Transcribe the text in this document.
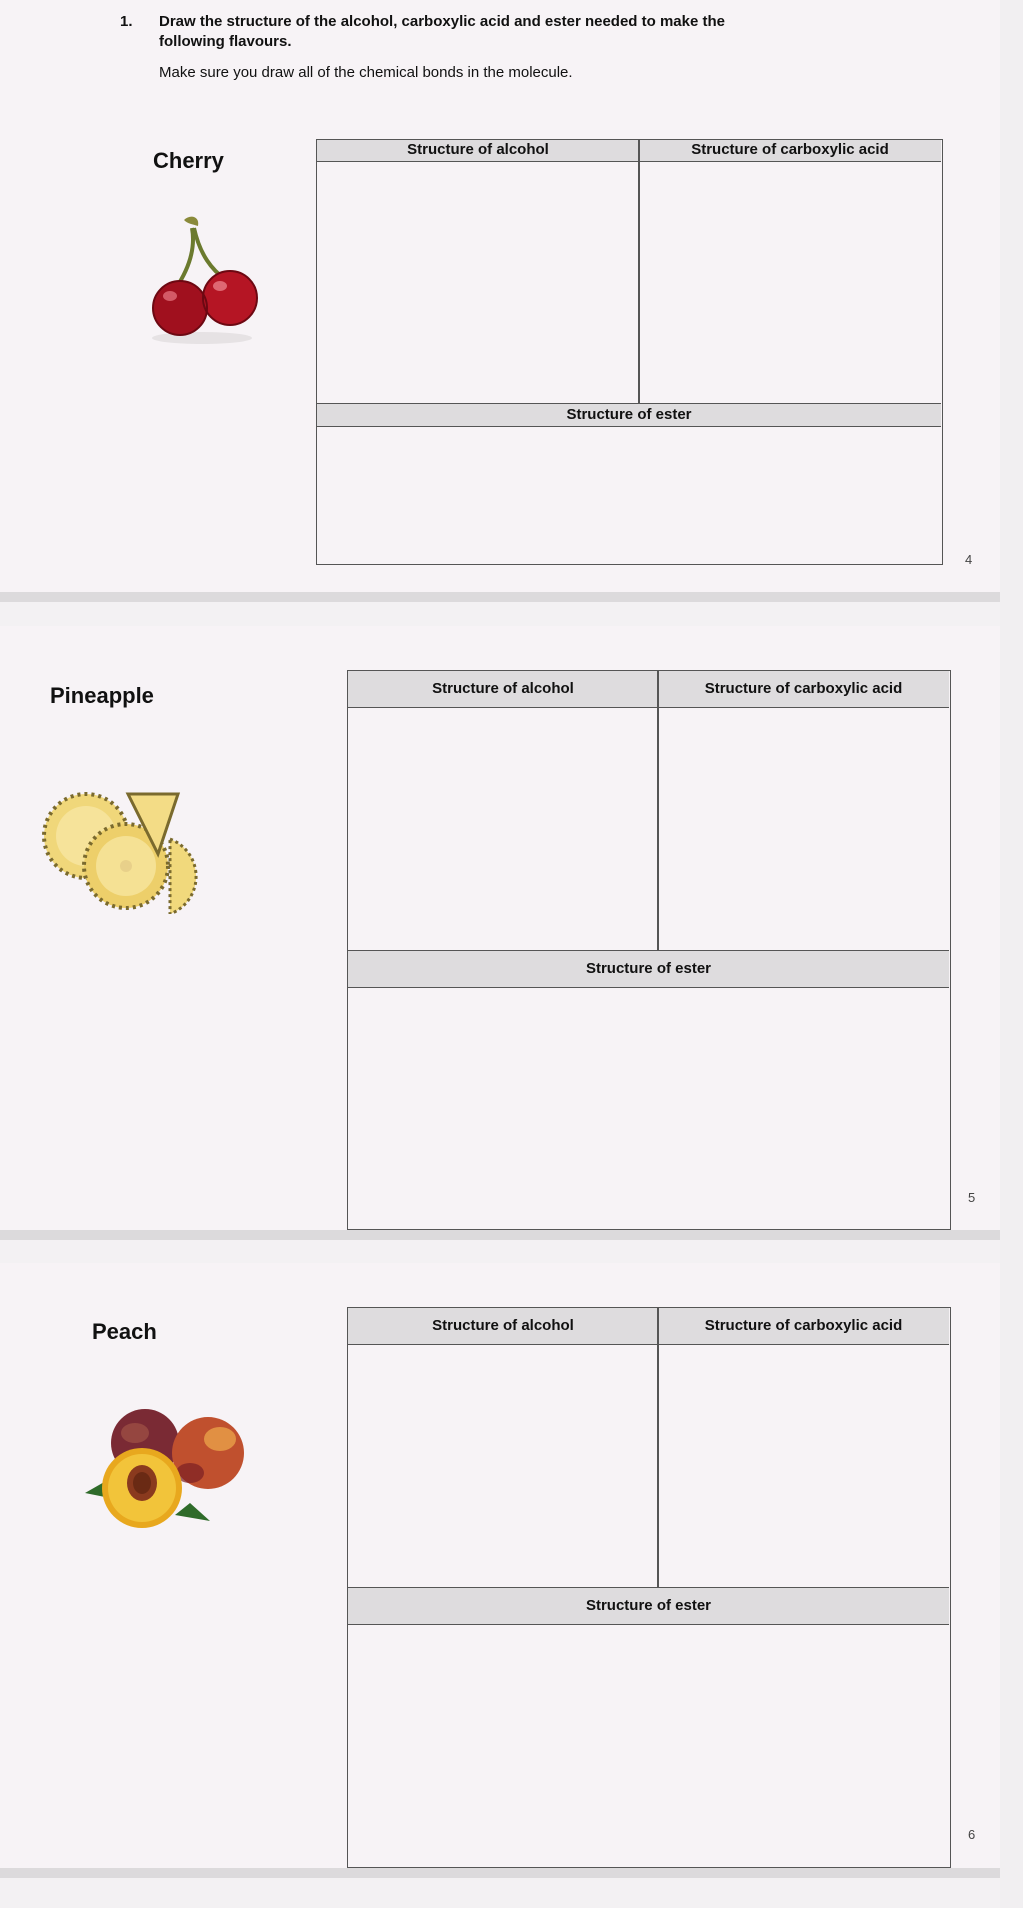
1. Draw the structure of the alcohol, carboxylic acid and ester needed to make the
following flavours.
Make sure you draw all of the chemical bonds in the molecule.
Cherry	Structure of alcohol	Structure of carboxylic acid
Structure of ester
4
Pineapple	Structure of alcohol	Structure of carboxylic acid
Structure of ester
5
Peach	Structure of alcohol	Structure of carboxylic acid
Structure of ester
6
